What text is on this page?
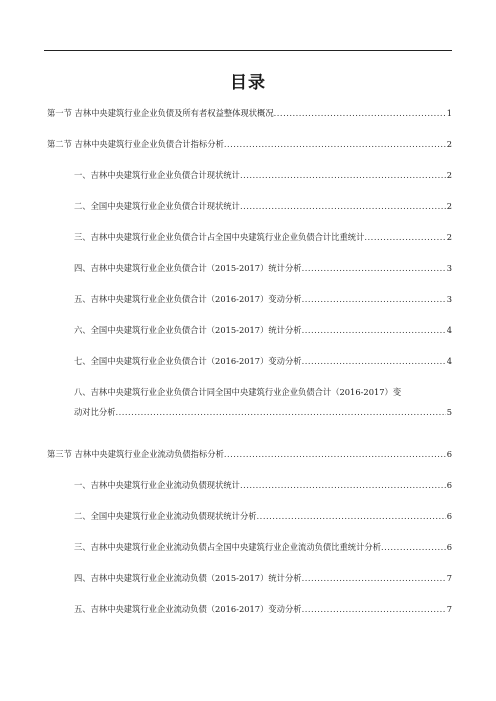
目录
第一节 吉林中央建筑行业企业负债及所有者权益整体现状概况 .....	1
第二节 吉林中央建筑行业企业负债合计指标分析 .....	2
一、吉林中央建筑行业企业负债合计现状统计 .....	2
二、全国中央建筑行业企业负债合计现状统计 .....	2
三、吉林中央建筑行业企业负债合计占全国中央建筑行业企业负债合计比重统计 .....	2
四、吉林中央建筑行业企业负债合计（2015-2017）统计分析 .....	3
五、吉林中央建筑行业企业负债合计（2016-2017）变动分析 .....	3
六、全国中央建筑行业企业负债合计（2015-2017）统计分析 .....	4
七、全国中央建筑行业企业负债合计（2016-2017）变动分析 .....	4
八、吉林中央建筑行业企业负债合计同全国中央建筑行业企业负债合计（2016-2017）变
动对比分析 .....	5
第三节 吉林中央建筑行业企业流动负债指标分析 .....	6
一、吉林中央建筑行业企业流动负债现状统计 .....	6
二、全国中央建筑行业企业流动负债现状统计分析 .....	6
三、吉林中央建筑行业企业流动负债占全国中央建筑行业企业流动负债比重统计分析 .....	6
四、吉林中央建筑行业企业流动负债（2015-2017）统计分析 .....	7
五、吉林中央建筑行业企业流动负债（2016-2017）变动分析 .....	7
